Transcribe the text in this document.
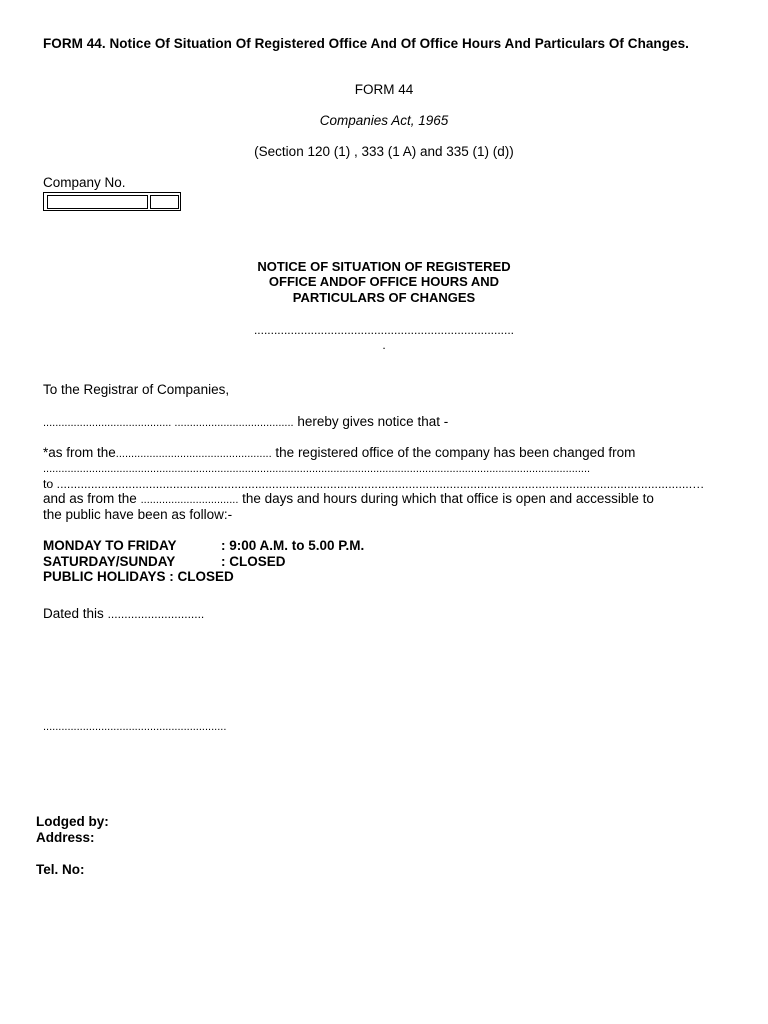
FORM 44. Notice Of Situation Of Registered Office And Of Office Hours And Particulars Of Changes.
FORM 44
Companies Act, 1965
(Section 120 (1) , 333 (1 A) and 335 (1) (d))
Company No.
NOTICE OF SITUATION OF REGISTERED
OFFICE ANDOF OFFICE HOURS AND
PARTICULARS OF CHANGES
..............................................................................
.
To the Registrar of Companies,
.......................................... ....................................... hereby gives notice that -
*as from the................................................... the registered office of the company has been changed from
...................................................................................................................................................................................
to ..........................................................................................................................................................................................…
and as from the ................................ the days and hours during which that office is open and accessible to
the public have been as follow:-
MONDAY TO FRIDAY	: 9:00 A.M. to 5.00 P.M.
SATURDAY/SUNDAY	: CLOSED
PUBLIC HOLIDAYS : CLOSED
Dated this .............................
............................................................
Lodged by:
Address:
Tel. No:
